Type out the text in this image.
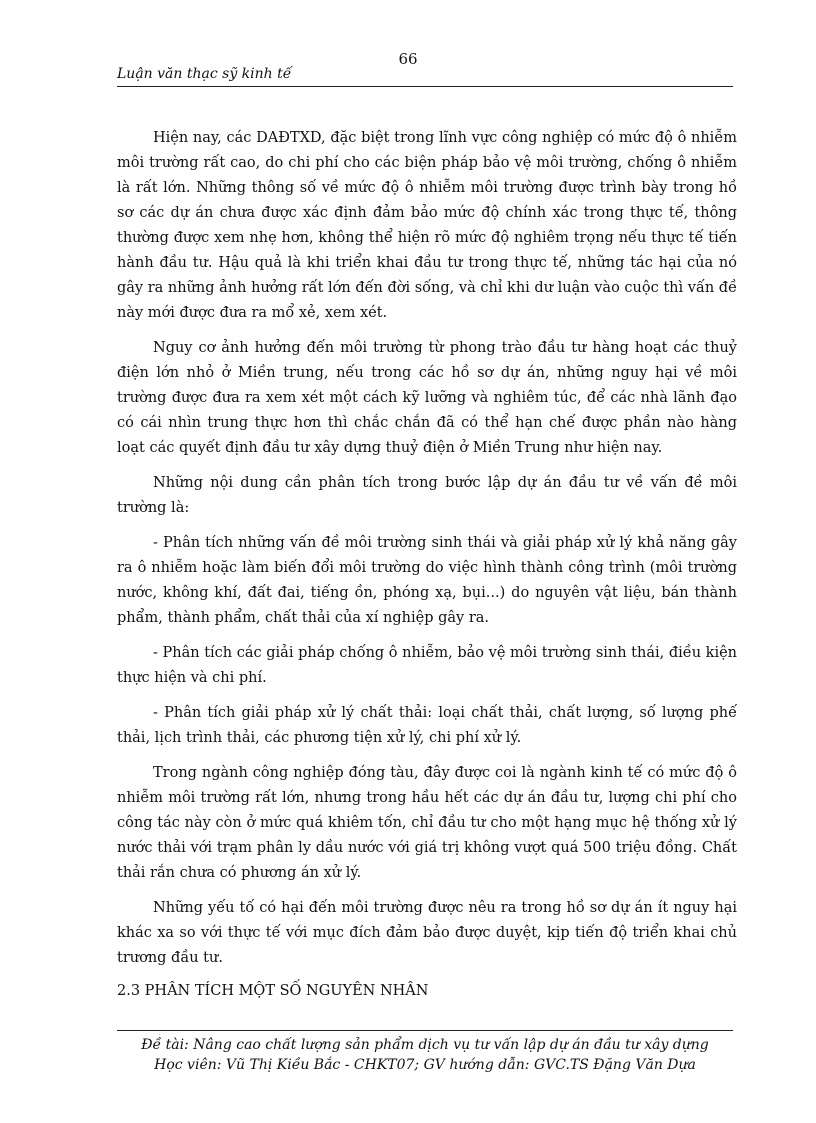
66
Luận văn thạc sỹ kinh tế

Hiện nay, các DAĐTXD, đặc biệt trong lĩnh vực công nghiệp có mức độ ô nhiễm môi trường rất cao, do chi phí cho các biện pháp bảo vệ môi trường, chống ô nhiễm là rất lớn. Những thông số về mức độ ô nhiễm môi trường được trình bày trong hồ sơ các dự án chưa được xác định đảm bảo mức độ chính xác trong thực tế, thông thường được xem nhẹ hơn, không thể hiện rõ mức độ nghiêm trọng nếu thực tế tiến hành đầu tư. Hậu quả là khi triển khai đầu tư trong thực tế, những tác hại của nó gây ra những ảnh hưởng rất lớn đến đời sống, và chỉ khi dư luận vào cuộc thì vấn đề này mới được đưa ra mổ xẻ, xem xét.

Nguy cơ ảnh hưởng đến môi trường từ phong trào đầu tư hàng hoạt các thuỷ điện lớn nhỏ ở Miền trung, nếu trong các hồ sơ dự án, những nguy hại về môi trường được đưa ra xem xét một cách kỹ lưỡng và nghiêm túc, để các nhà lãnh đạo có cái nhìn trung thực hơn thì chắc chắn đã có thể hạn chế được phần nào hàng loạt các quyết định đầu tư xây dựng thuỷ điện ở Miền Trung như hiện nay.

Những nội dung cần phân tích trong bước lập dự án đầu tư về vấn đề môi trường là:

- Phân tích những vấn đề môi trường sinh thái và giải pháp xử lý khả năng gây ra ô nhiễm hoặc làm biến đổi môi trường do việc hình thành công trình (môi trường nước, không khí, đất đai, tiếng ồn, phóng xạ, bụi...) do nguyên vật liệu, bán thành phẩm, thành phẩm, chất thải của xí nghiệp gây ra.

- Phân tích các giải pháp chống ô nhiễm, bảo vệ môi trường sinh thái, điều kiện thực hiện và chi phí.

- Phân tích giải pháp xử lý chất thải: loại chất thải, chất lượng, số lượng phế thải, lịch trình thải, các phương tiện xử lý, chi phí xử lý.

Trong ngành công nghiệp đóng tàu, đây được coi là ngành kinh tế có mức độ ô nhiễm môi trường rất lớn, nhưng trong hầu hết các dự án đầu tư, lượng chi phí cho công tác này còn ở mức quá khiêm tốn, chỉ đầu tư cho một hạng mục hệ thống xử lý nước thải với trạm phân ly dầu nước với giá trị không vượt quá 500 triệu đồng. Chất thải rắn chưa có phương án xử lý.

Những yếu tố có hại đến môi trường được nêu ra trong hồ sơ dự án ít nguy hại khác xa so với thực tế với mục đích đảm bảo được duyệt, kịp tiến độ triển khai chủ trương đầu tư.

2.3 PHÂN TÍCH MỘT SỐ NGUYÊN NHÂN
Đề tài: Nâng cao chất lượng sản phẩm dịch vụ tư vấn lập dự án đầu tư xây dựng
Học viên: Vũ Thị Kiều Bắc - CHKT07; GV hướng dẫn: GVC.TS Đặng Văn Dựa
